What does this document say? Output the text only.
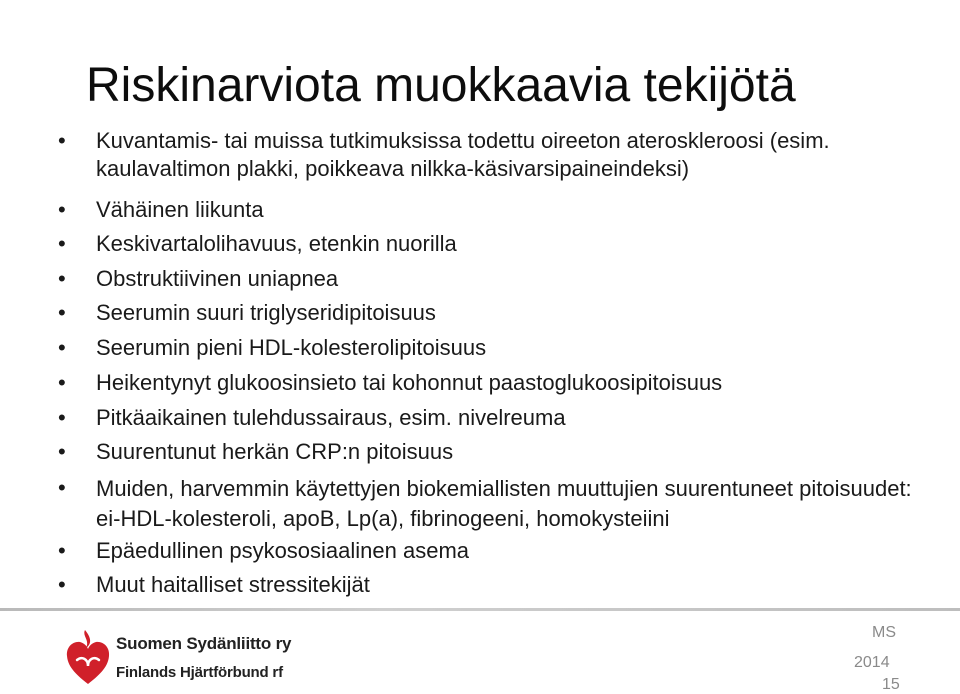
Riskinarviota muokkaavia tekijötä
• Kuvantamis- tai muissa tutkimuksissa todettu oireeton ateroskleroosi (esim. kaulavaltimon plakki, poikkeava nilkka-käsivarsipaineindeksi)
• Vähäinen liikunta
• Keskivartalolihavuus, etenkin nuorilla
• Obstruktiivinen uniapnea
• Seerumin suuri triglyseridipitoisuus
• Seerumin pieni HDL-kolesterolipitoisuus
• Heikentynyt glukoosinsieto tai kohonnut paastoglukoosipitoisuus
• Pitkäaikainen tulehdussairaus, esim. nivelreuma
• Suurentunut herkän CRP:n pitoisuus
• Muiden, harvemmin käytettyjen biokemiallisten muuttujien suurentuneet pitoisuudet: ei-HDL-kolesteroli, apoB, Lp(a), fibrinogeeni, homokysteiini
• Epäedullinen psykososiaalinen asema
• Muut haitalliset stressitekijät
Suomen Sydänliitto ry
Finlands Hjärtförbund rf
MS
2014
15
